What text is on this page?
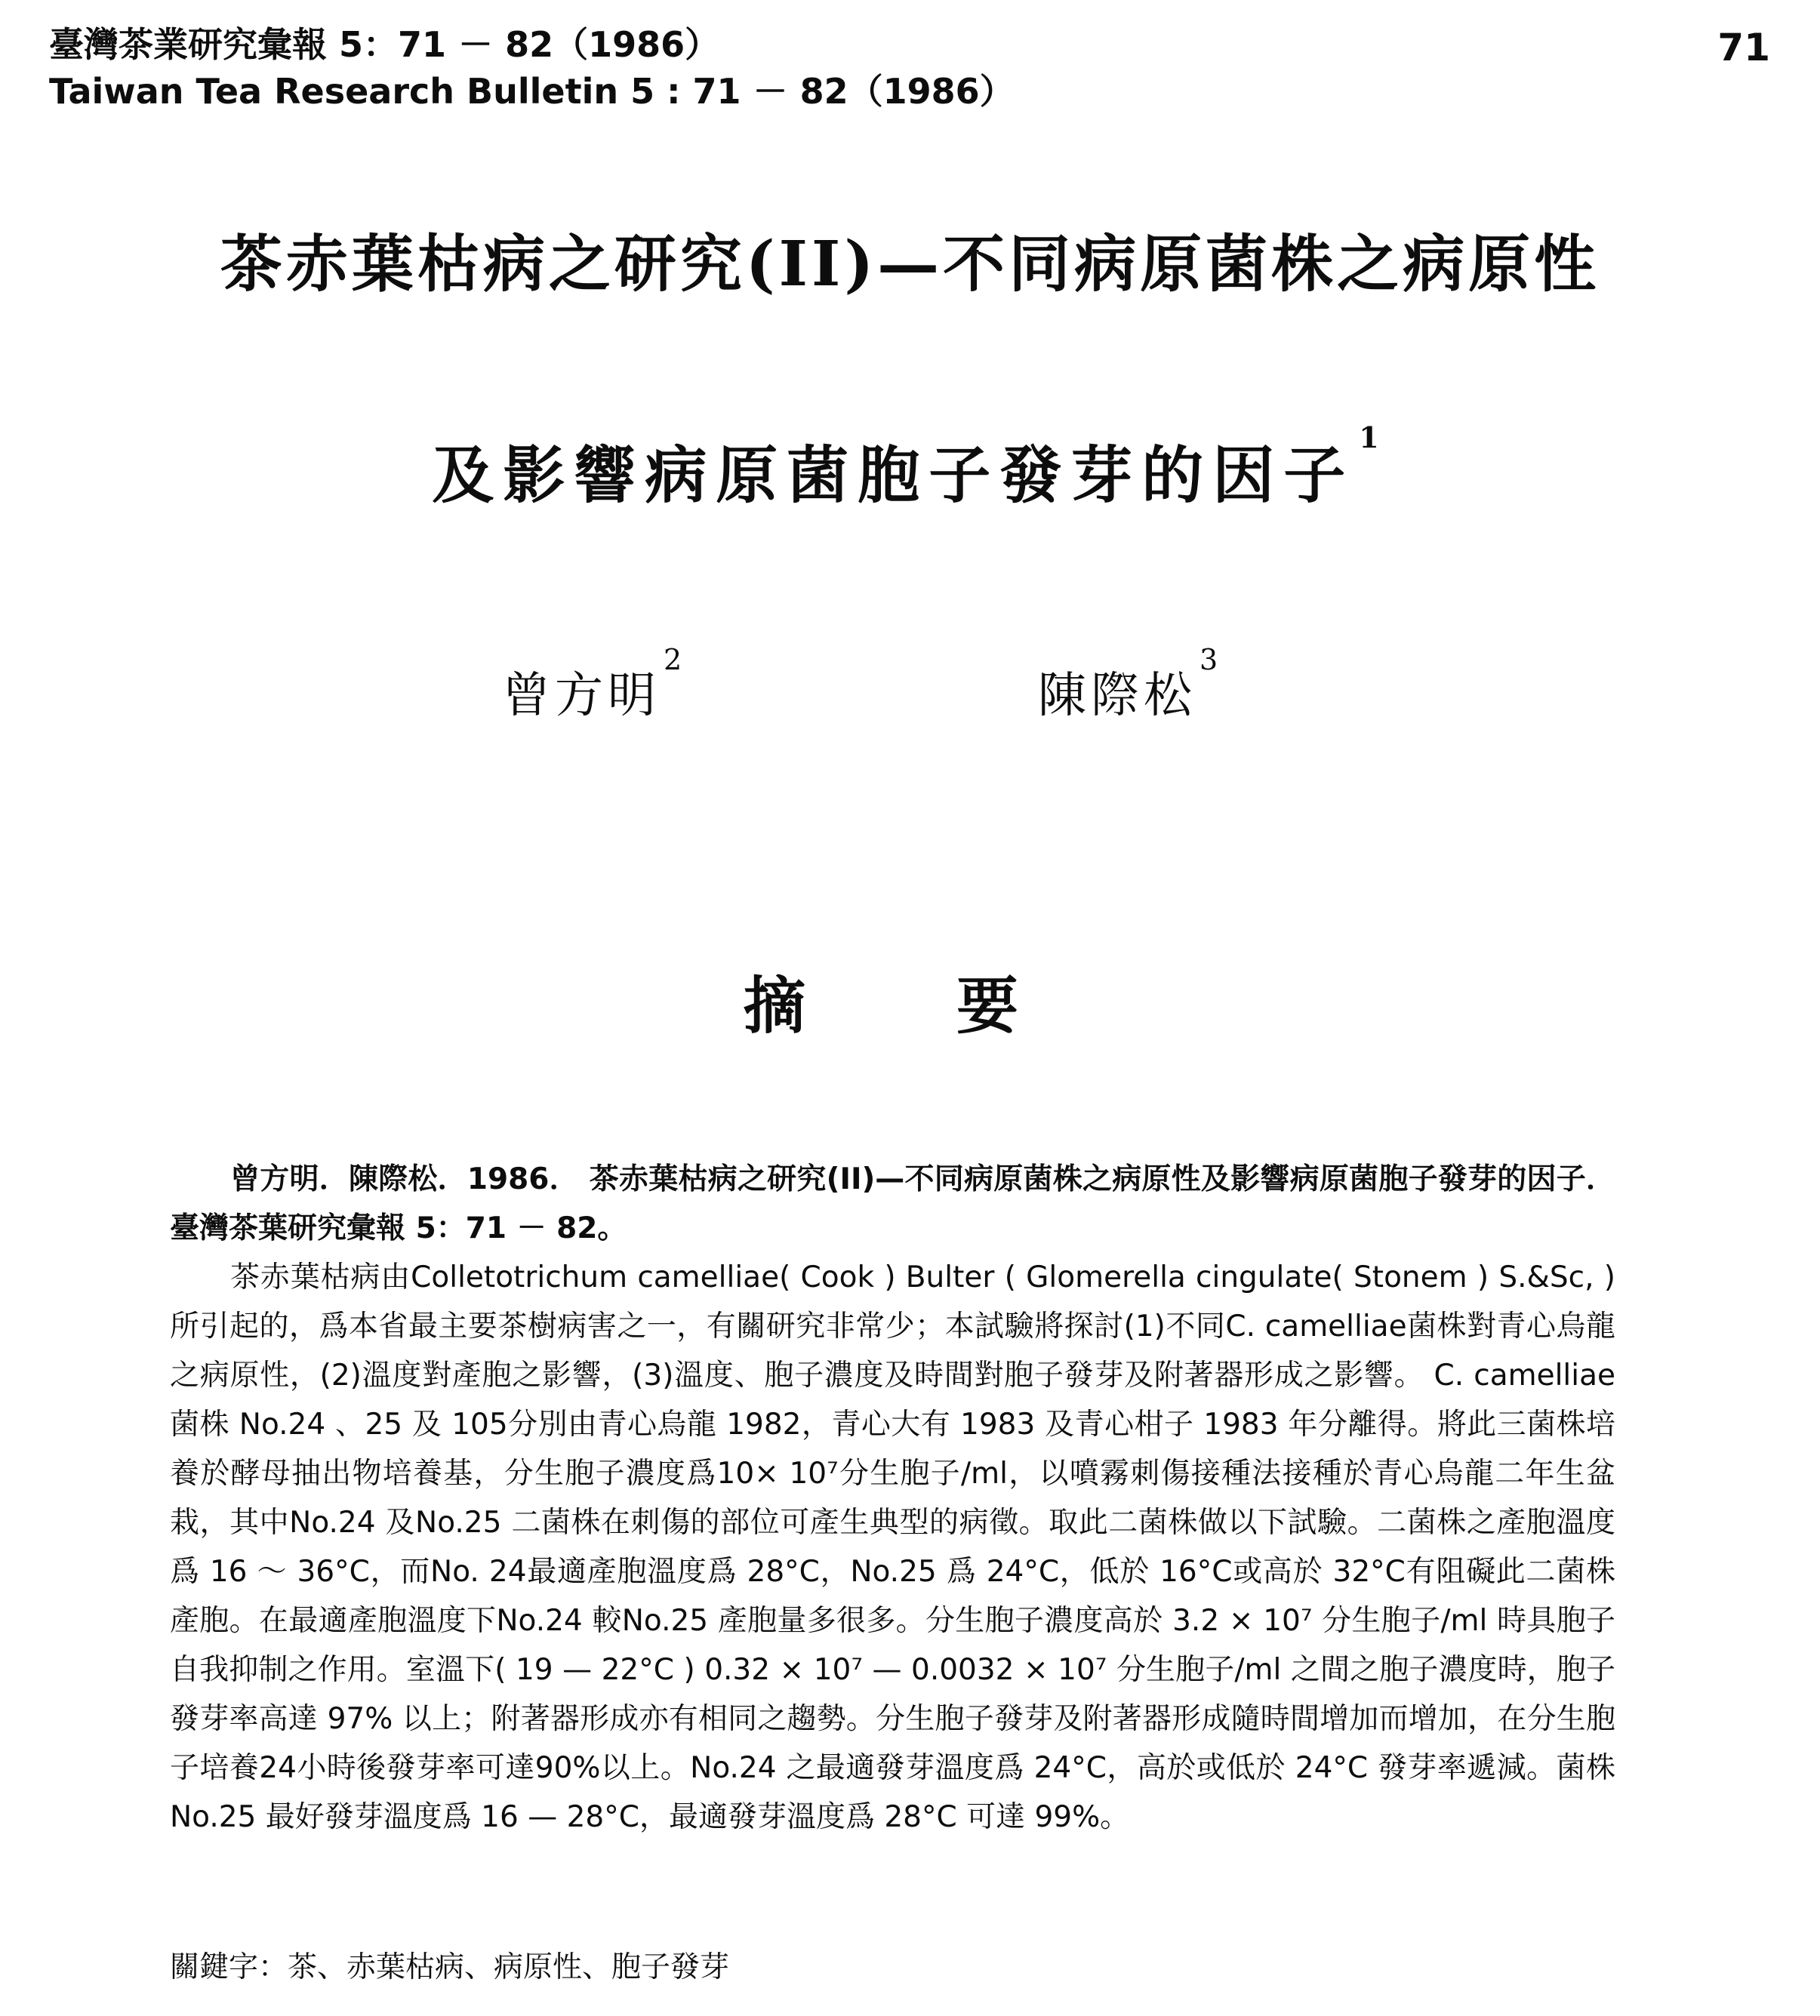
臺灣茶業研究彙報 5：71 － 82（1986）
Taiwan Tea Research Bulletin 5 : 71 － 82（1986）
71
茶赤葉枯病之研究(II)—不同病原菌株之病原性
及影響病原菌胞子發芽的因子$^1$
曾方明$^2$
陳際松$^3$
摘 要

曾方明．陳際松．1986． 茶赤葉枯病之研究(II)—不同病原菌株之病原性及影響病原菌胞子發芽的因子．臺灣茶葉研究彙報 5：71 － 82。

茶赤葉枯病由Colletotrichum camelliae( Cook ) Bulter ( Glomerella cingulate( Stonem ) S.&Sc, )所引起的，爲本省最主要茶樹病害之一，有關研究非常少；本試驗將探討(1)不同C. camelliae菌株對青心烏龍之病原性，(2)溫度對產胞之影響，(3)溫度、胞子濃度及時間對胞子發芽及附著器形成之影響。 C. camelliae 菌株 No.24 、25 及 105分別由青心烏龍 1982，青心大有 1983 及青心柑子 1983 年分離得。將此三菌株培養於酵母抽出物培養基，分生胞子濃度爲10× 10⁷分生胞子/ml，以噴霧刺傷接種法接種於青心烏龍二年生盆栽，其中No.24 及No.25 二菌株在刺傷的部位可產生典型的病徵。取此二菌株做以下試驗。二菌株之產胞溫度爲 16 ～ 36°C，而No. 24最適產胞溫度爲 28°C，No.25 爲 24°C，低於 16°C或高於 32°C有阻礙此二菌株產胞。在最適產胞溫度下No.24 較No.25 產胞量多很多。分生胞子濃度高於 3.2 × 10⁷ 分生胞子/ml 時具胞子自我抑制之作用。室溫下( 19 — 22°C ) 0.32 × 10⁷ — 0.0032 × 10⁷ 分生胞子/ml 之間之胞子濃度時，胞子發芽率高達 97% 以上；附著器形成亦有相同之趨勢。分生胞子發芽及附著器形成隨時間增加而增加，在分生胞子培養24小時後發芽率可達90%以上。No.24 之最適發芽溫度爲 24°C，高於或低於 24°C 發芽率遞減。菌株No.25 最好發芽溫度爲 16 — 28°C，最適發芽溫度爲 28°C 可達 99%。

關鍵字：茶、赤葉枯病、病原性、胞子發芽
